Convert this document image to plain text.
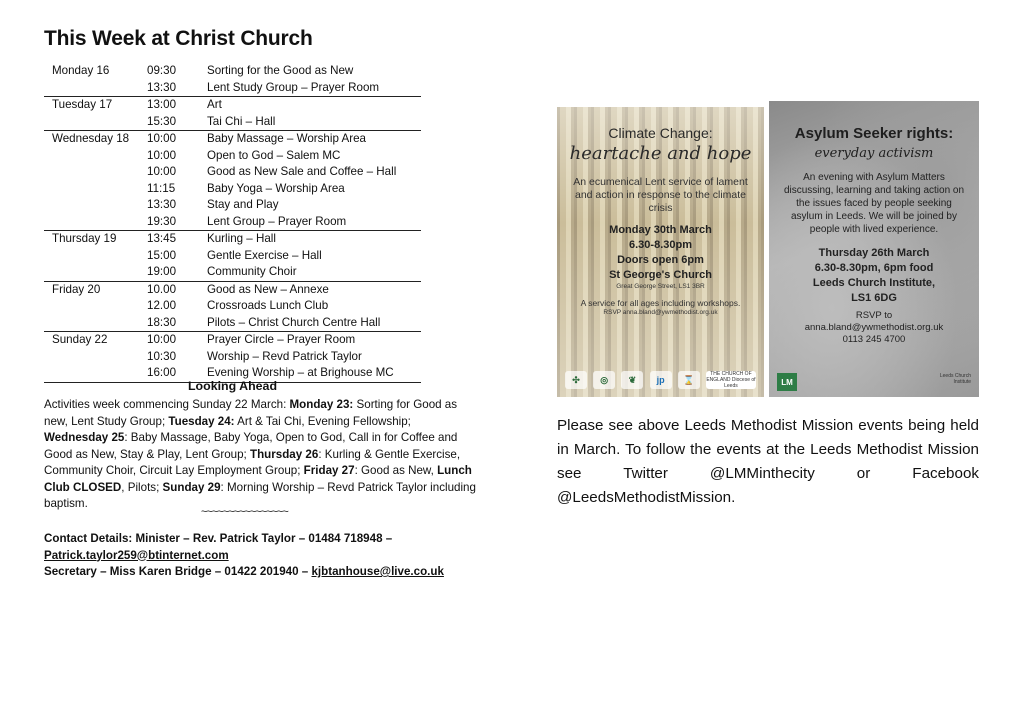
This Week at Christ Church
Monday 16	09:30	Sorting for the Good as New
13:30	Lent Study Group – Prayer Room
Tuesday 17	13:00	Art
15:30	Tai Chi – Hall
Wednesday 18	10:00	Baby Massage – Worship Area
10:00	Open to God – Salem MC
10:00	Good as New Sale and Coffee – Hall
11:15	Baby Yoga – Worship Area
13:30	Stay and Play
19:30	Lent Group – Prayer Room
Thursday 19	13:45	Kurling – Hall
15:00	Gentle Exercise – Hall
19:00	Community Choir
Friday 20	10.00	Good as New – Annexe
12.00	Crossroads Lunch Club
18:30	Pilots – Christ Church Centre Hall
Sunday 22	10:00	Prayer Circle – Prayer Room
10:30	Worship – Revd Patrick Taylor
16:00	Evening Worship – at Brighouse MC
Looking Ahead
Activities week commencing Sunday 22 March: Monday 23: Sorting for Good as new, Lent Study Group; Tuesday 24: Art & Tai Chi, Evening Fellowship; Wednesday 25: Baby Massage, Baby Yoga, Open to God, Call in for Coffee and Good as New, Stay & Play, Lent Group; Thursday 26: Kurling & Gentle Exercise, Community Choir, Circuit Lay Employment Group; Friday 27: Good as New, Lunch Club CLOSED, Pilots; Sunday 29: Morning Worship – Revd Patrick Taylor including baptism.
~~~~~~~~~~~~~~~~
Contact Details: Minister – Rev. Patrick Taylor – 01484 718948 –
Patrick.taylor259@btinternet.com
Secretary – Miss Karen Bridge – 01422 201940 – kjbtanhouse@live.co.uk
Climate Change:
heartache and hope
An ecumenical Lent service of lament and action in response to the climate crisis
Monday 30th March
6.30-8.30pm
Doors open 6pm
St George's Church
Great George Street, LS1 3BR
A service for all ages including workshops.
RSVP anna.bland@ywmethodist.org.uk
✣	◎	❦	jp	⌛
THE CHURCH OF ENGLAND Diocese of Leeds
Asylum Seeker rights:
everyday activism
An evening with Asylum Matters discussing, learning and taking action on the issues faced by people seeking asylum in Leeds. We will be joined by people with lived experience.
Thursday 26th March
6.30-8.30pm, 6pm food
Leeds Church Institute,
LS1 6DG
RSVP to
anna.bland@ywmethodist.org.uk
0113 245 4700
LM
Leeds Church Institute
Please see above Leeds Methodist Mission events being held in March. To follow the events at the Leeds Methodist Mission see Twitter @LMMinthecity or Facebook @LeedsMethodistMission.
